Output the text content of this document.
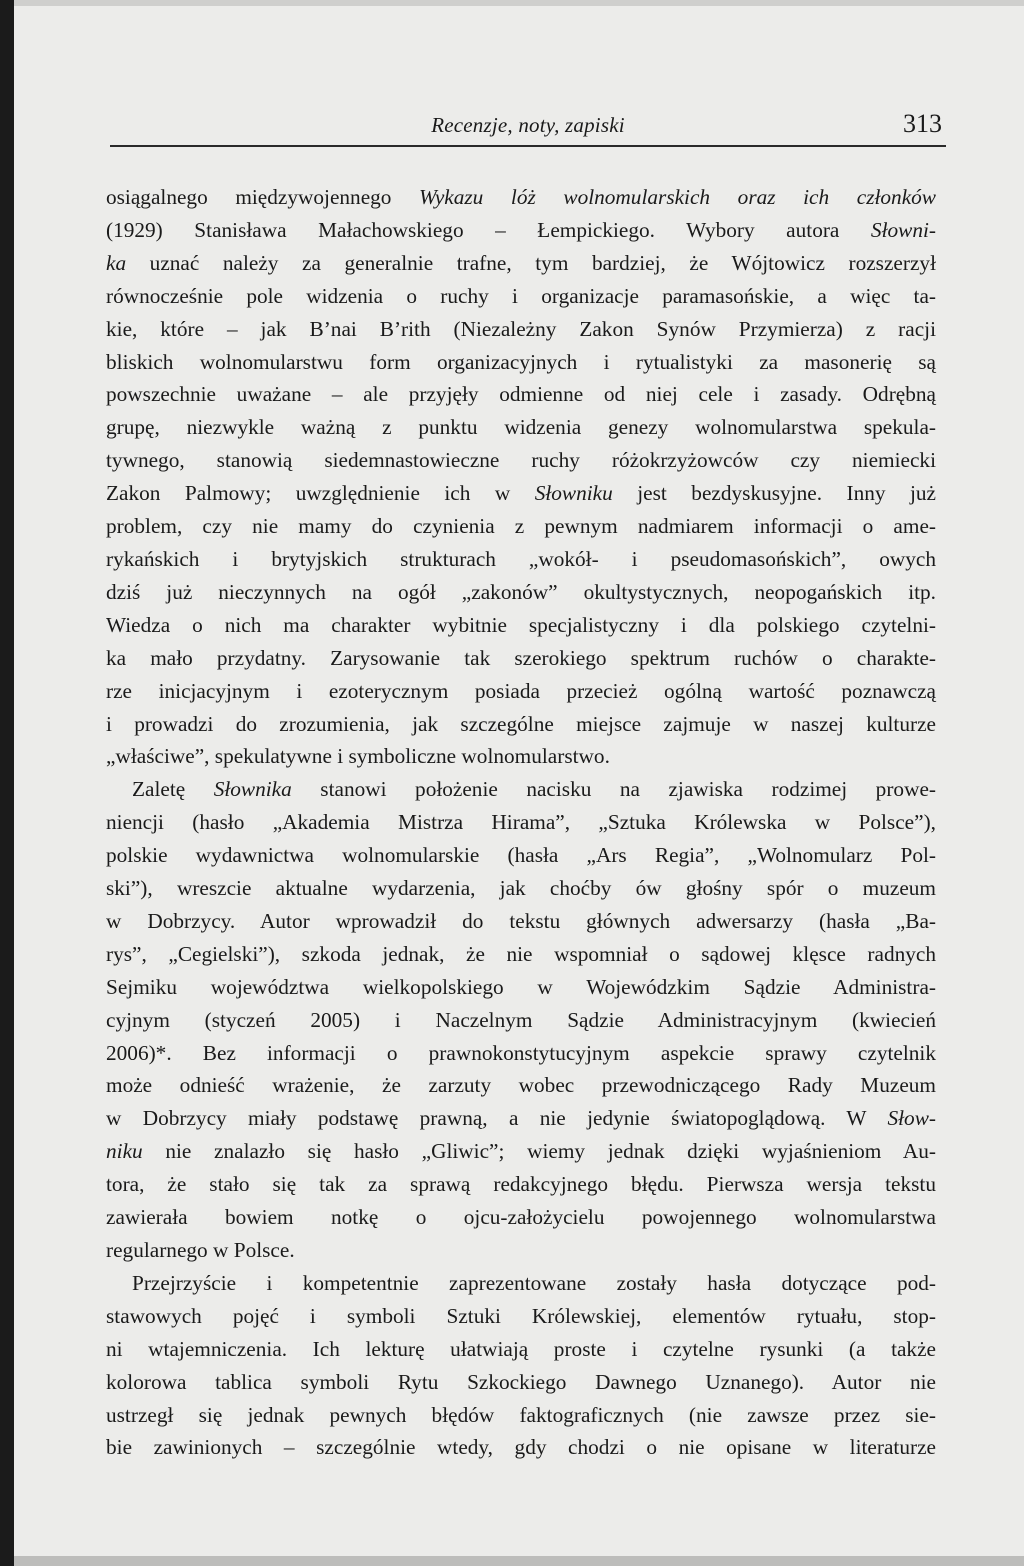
Recenzje, noty, zapiski	313
osiągalnego międzywojennego Wykazu lóż wolnomularskich oraz ich członków
(1929) Stanisława Małachowskiego – Łempickiego. Wybory autora Słowni-
ka uznać należy za generalnie trafne, tym bardziej, że Wójtowicz rozszerzył
równocześnie pole widzenia o ruchy i organizacje paramasońskie, a więc ta-
kie, które – jak B’nai B’rith (Niezależny Zakon Synów Przymierza) z racji
bliskich wolnomularstwu form organizacyjnych i rytualistyki za masonerię są
powszechnie uważane – ale przyjęły odmienne od niej cele i zasady. Odrębną
grupę, niezwykle ważną z punktu widzenia genezy wolnomularstwa spekula-
tywnego, stanowią siedemnastowieczne ruchy różokrzyżowców czy niemiecki
Zakon Palmowy; uwzględnienie ich w Słowniku jest bezdyskusyjne. Inny już
problem, czy nie mamy do czynienia z pewnym nadmiarem informacji o ame-
rykańskich i brytyjskich strukturach „wokół- i pseudomasońskich”, owych
dziś już nieczynnych na ogół „zakonów” okultystycznych, neopogańskich itp.
Wiedza o nich ma charakter wybitnie specjalistyczny i dla polskiego czytelni-
ka mało przydatny. Zarysowanie tak szerokiego spektrum ruchów o charakte-
rze inicjacyjnym i ezoterycznym posiada przecież ogólną wartość poznawczą
i prowadzi do zrozumienia, jak szczególne miejsce zajmuje w naszej kulturze
„właściwe”, spekulatywne i symboliczne wolnomularstwo.
Zaletę Słownika stanowi położenie nacisku na zjawiska rodzimej prowe-
niencji (hasło „Akademia Mistrza Hirama”, „Sztuka Królewska w Polsce”),
polskie wydawnictwa wolnomularskie (hasła „Ars Regia”, „Wolnomularz Pol-
ski”), wreszcie aktualne wydarzenia, jak choćby ów głośny spór o muzeum
w Dobrzycy. Autor wprowadził do tekstu głównych adwersarzy (hasła „Ba-
rys”, „Cegielski”), szkoda jednak, że nie wspomniał o sądowej klęsce radnych
Sejmiku województwa wielkopolskiego w Wojewódzkim Sądzie Administra-
cyjnym (styczeń 2005) i Naczelnym Sądzie Administracyjnym (kwiecień
2006)*. Bez informacji o prawnokonstytucyjnym aspekcie sprawy czytelnik
może odnieść wrażenie, że zarzuty wobec przewodniczącego Rady Muzeum
w Dobrzycy miały podstawę prawną, a nie jedynie światopoglądową. W Słow-
niku nie znalazło się hasło „Gliwic”; wiemy jednak dzięki wyjaśnieniom Au-
tora, że stało się tak za sprawą redakcyjnego błędu. Pierwsza wersja tekstu
zawierała bowiem notkę o ojcu-założycielu powojennego wolnomularstwa
regularnego w Polsce.
Przejrzyście i kompetentnie zaprezentowane zostały hasła dotyczące pod-
stawowych pojęć i symboli Sztuki Królewskiej, elementów rytuału, stop-
ni wtajemniczenia. Ich lekturę ułatwiają proste i czytelne rysunki (a także
kolorowa tablica symboli Rytu Szkockiego Dawnego Uznanego). Autor nie
ustrzegł się jednak pewnych błędów faktograficznych (nie zawsze przez sie-
bie zawinionych – szczególnie wtedy, gdy chodzi o nie opisane w literaturze
